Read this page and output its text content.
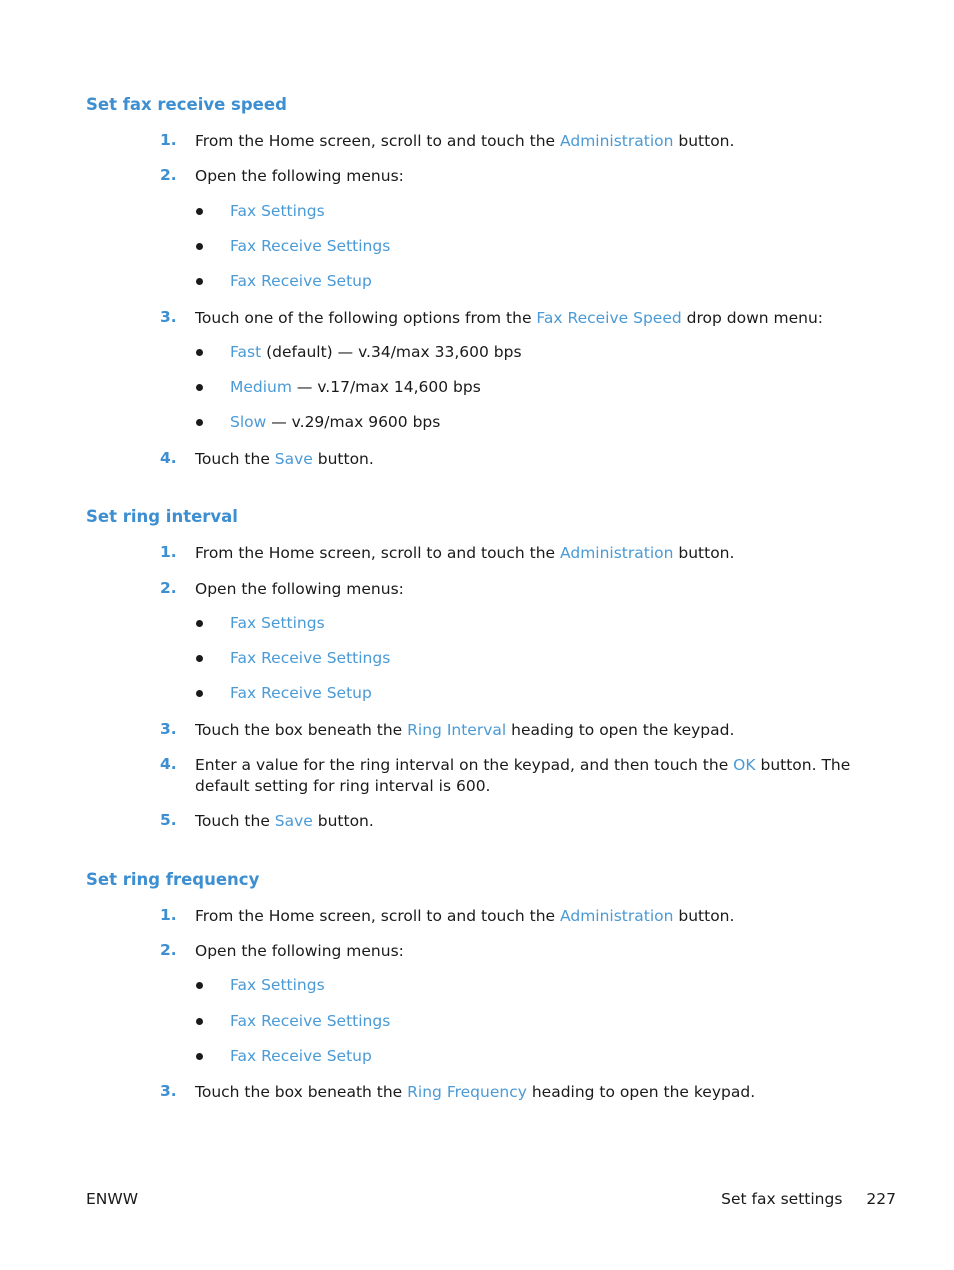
Set fax receive speed
1. From the Home screen, scroll to and touch the Administration button.
2. Open the following menus:
Fax Settings
Fax Receive Settings
Fax Receive Setup
3. Touch one of the following options from the Fax Receive Speed drop down menu:
Fast (default) — v.34/max 33,600 bps
Medium — v.17/max 14,600 bps
Slow — v.29/max 9600 bps
4. Touch the Save button.
Set ring interval
1. From the Home screen, scroll to and touch the Administration button.
2. Open the following menus:
Fax Settings
Fax Receive Settings
Fax Receive Setup
3. Touch the box beneath the Ring Interval heading to open the keypad.
4. Enter a value for the ring interval on the keypad, and then touch the OK button. The default setting for ring interval is 600.
5. Touch the Save button.
Set ring frequency
1. From the Home screen, scroll to and touch the Administration button.
2. Open the following menus:
Fax Settings
Fax Receive Settings
Fax Receive Setup
3. Touch the box beneath the Ring Frequency heading to open the keypad.
ENWW	Set fax settings 227
